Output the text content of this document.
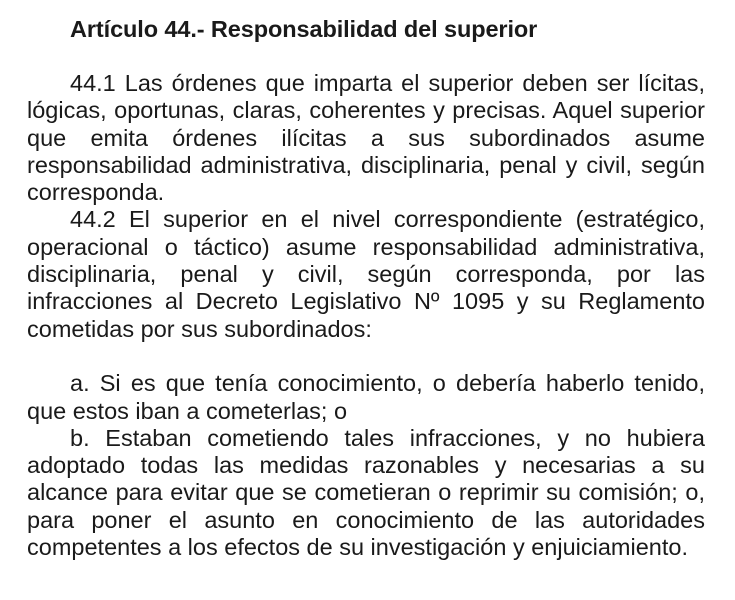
Artículo 44.- Responsabilidad del superior

44.1 Las órdenes que imparta el superior deben ser lícitas, lógicas, oportunas, claras, coherentes y precisas. Aquel superior que emita órdenes ilícitas a sus subordinados asume responsabilidad administrativa, disciplinaria, penal y civil, según corresponda.

44.2 El superior en el nivel correspondiente (estratégico, operacional o táctico) asume responsabilidad administrativa, disciplinaria, penal y civil, según corresponda, por las infracciones al Decreto Legislativo Nº 1095 y su Reglamento cometidas por sus subordinados:

a. Si es que tenía conocimiento, o debería haberlo tenido, que estos iban a cometerlas; o

b. Estaban cometiendo tales infracciones, y no hubiera adoptado todas las medidas razonables y necesarias a su alcance para evitar que se cometieran o reprimir su comisión; o, para poner el asunto en conocimiento de las autoridades competentes a los efectos de su investigación y enjuiciamiento.
